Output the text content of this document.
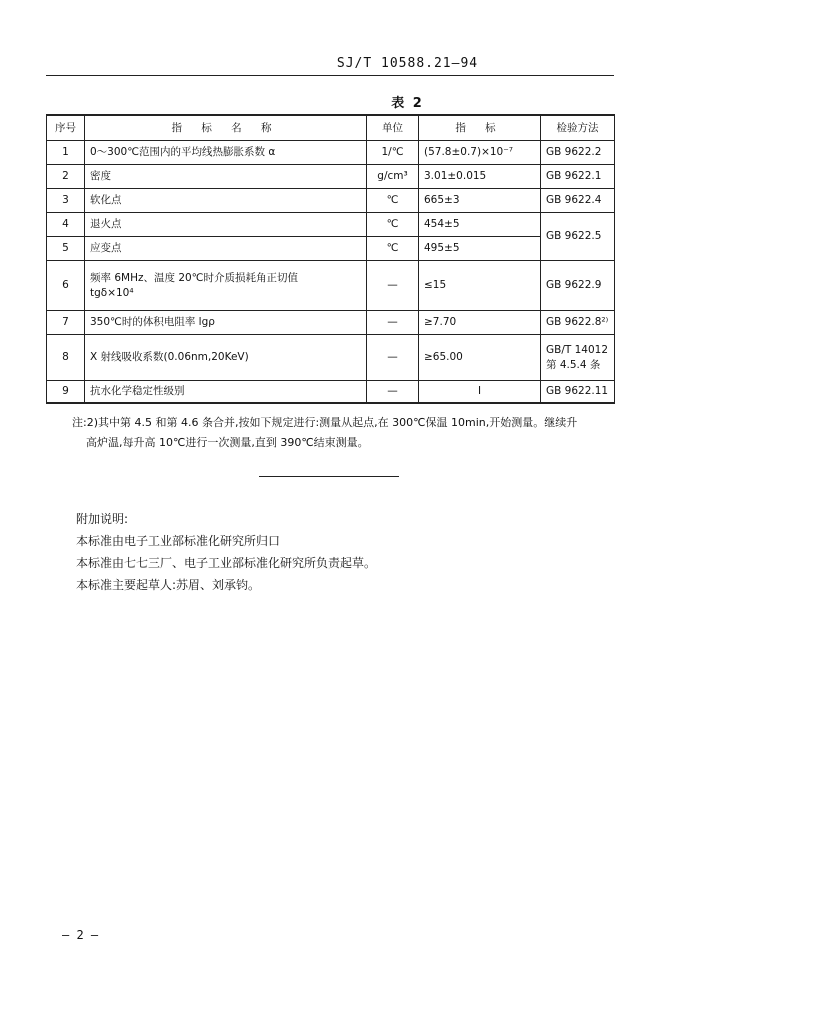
SJ/T 10588.21—94
表 2
序号	指 标 名 称	单位	指 标	检验方法
1	0～300℃范围内的平均线热膨胀系数 α	1/℃	(57.8±0.7)×10⁻⁷	GB 9622.2
2	密度	g/cm³	3.01±0.015	GB 9622.1
3	软化点	℃	665±3	GB 9622.4
4	退火点	℃	454±5	GB 9622.5
5	应变点	℃	495±5	
6	频率 6MHz、温度 20℃时介质损耗角正切值
tgδ×10⁴	—	≤15	GB 9622.9
7	350℃时的体积电阻率 lgρ	—	≥7.70	GB 9622.8²⁾
8	X 射线吸收系数(0.06nm,20KeV)	—	≥65.00	GB/T 14012
第 4.5.4 条

9	抗水化学稳定性级别	—	I	GB 9622.11
注:2)其中第 4.5 和第 4.6 条合并,按如下规定进行:测量从起点,在 300℃保温 10min,开始测量。继续升
高炉温,每升高 10℃进行一次测量,直到 390℃结束测量。
附加说明:
本标准由电子工业部标准化研究所归口
本标准由七七三厂、电子工业部标准化研究所负责起草。
本标准主要起草人:苏眉、刘承钧。
— 2 —
